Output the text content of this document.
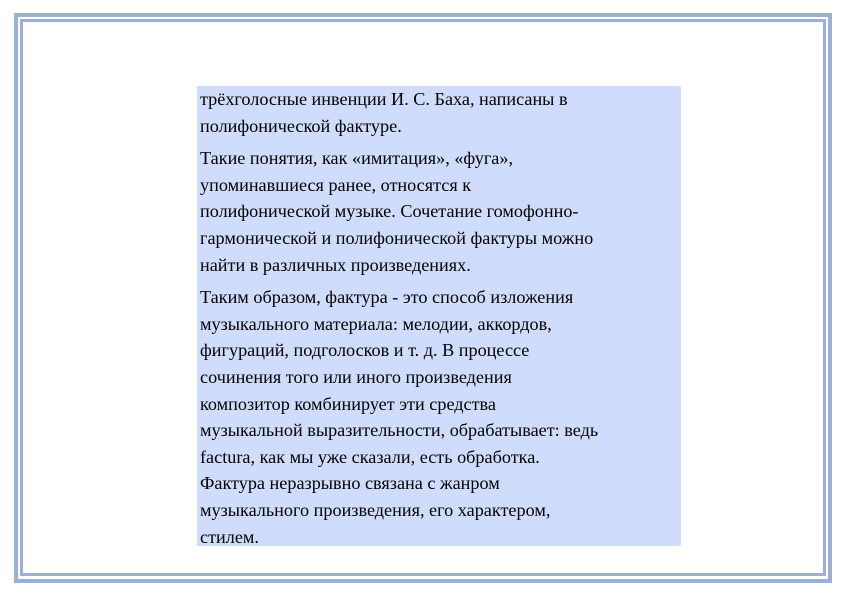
трёхголосные инвенции И. С. Баха, написаны в
полифонической фактуре.

Такие понятия, как «имитация», «фуга»,
упоминавшиеся ранее, относятся к
полифонической музыке. Сочетание гомофонно-
гармонической и полифонической фактуры можно
найти в различных произведениях.

Таким образом, фактура - это способ изложения
музыкального материала: мелодии, аккордов,
фигураций, подголосков и т. д. В процессе
сочинения того или иного произведения
композитор комбинирует эти средства
музыкальной выразительности, обрабатывает: ведь
factura, как мы уже сказали, есть обработка.
Фактура неразрывно связана с жанром
музыкального произведения, его характером,
стилем.
